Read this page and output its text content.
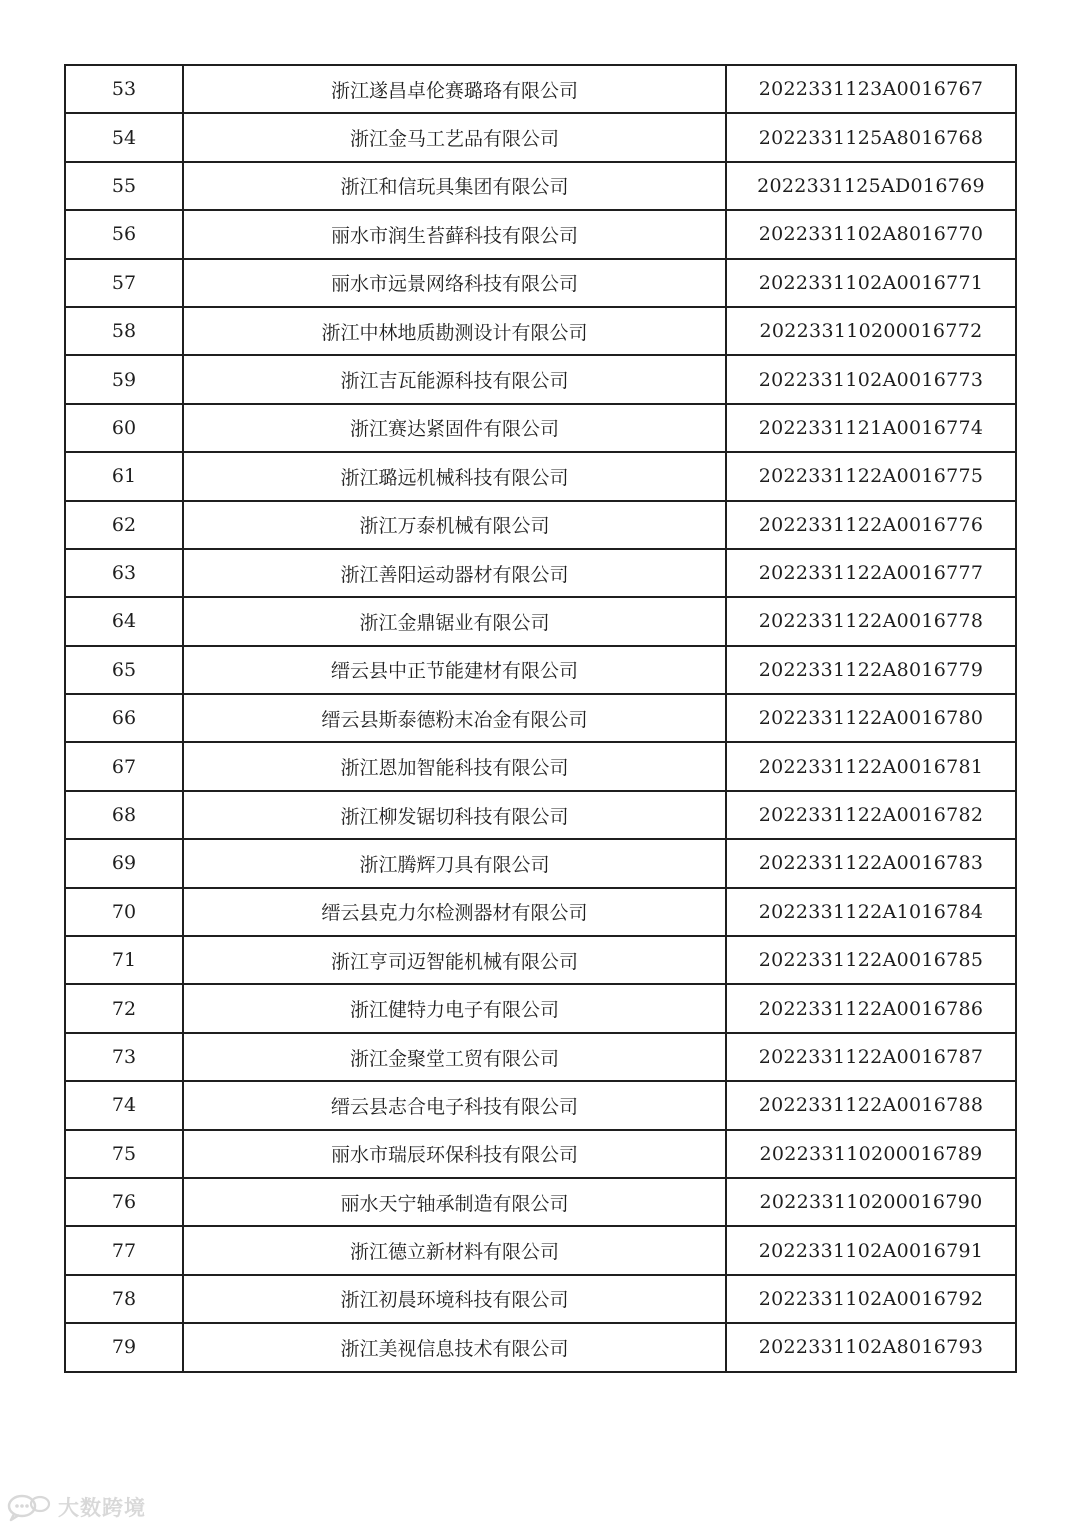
53	浙江遂昌卓伦赛璐珞有限公司	2022331123A0016767
54	浙江金马工艺品有限公司	2022331125A8016768
55	浙江和信玩具集团有限公司	2022331125AD016769
56	丽水市润生苔藓科技有限公司	2022331102A8016770
57	丽水市远景网络科技有限公司	2022331102A0016771
58	浙江中林地质勘测设计有限公司	20223311020001​6772
59	浙江吉瓦能源科技有限公司	2022331102A0016773
60	浙江赛达紧固件有限公司	2022331121A0016774
61	浙江璐远机械科技有限公司	2022331122A0016775
62	浙江万泰机械有限公司	2022331122A0016776
63	浙江善阳运动器材有限公司	2022331122A0016777
64	浙江金鼎锯业有限公司	2022331122A0016778
65	缙云县中正节能建材有限公司	2022331122A8016779
66	缙云县斯泰德粉末冶金有限公司	2022331122A0016780
67	浙江恩加智能科技有限公司	2022331122A0016781
68	浙江柳发锯切科技有限公司	2022331122A0016782
69	浙江腾辉刀具有限公司	2022331122A0016783
70	缙云县克力尔检测器材有限公司	2022331122A1016784
71	浙江亨司迈智能机械有限公司	2022331122A0016785
72	浙江健特力电子有限公司	2022331122A0016786
73	浙江金聚堂工贸有限公司	2022331122A0016787
74	缙云县志合电子科技有限公司	2022331122A0016788
75	丽水市瑞辰环保科技有限公司	20223311020001​6789
76	丽水天宁轴承制造有限公司	20223311020001​6790
77	浙江德立新材料有限公司	2022331102A0016791
78	浙江初晨环境科技有限公司	2022331102A0016792
79	浙江美视信息技术有限公司	2022331102A8016793
大数跨境
